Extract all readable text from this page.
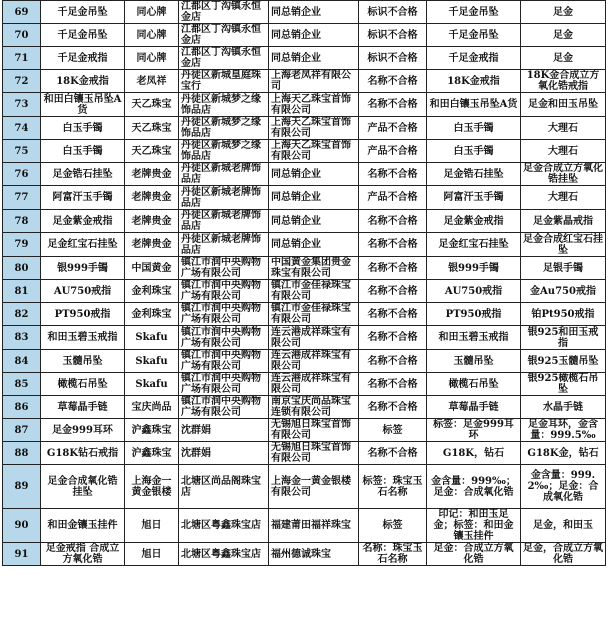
69	千足金吊坠	同心牌	江都区丁沟镇永恒金店	同总销企业	标识不合格	千足金吊坠	足金
70	千足金吊坠	同心牌	江都区丁沟镇永恒金店	同总销企业	标识不合格	千足金吊坠	足金
71	千足金戒指	同心牌	江都区丁沟镇永恒金店	同总销企业	标识不合格	千足金戒指	足金
72	18K金戒指	老凤祥	丹徒区新城皇庭珠宝行	上海老凤祥有限公司	名称不合格	18K金戒指	18K金合成立方氧化锆戒指
73	和田白镶玉吊坠A货	天乙珠宝	丹徒区新城梦之缘饰品店	上海天乙珠宝首饰有限公司	名称不合格	和田白镶玉吊坠A货	足金和田玉吊坠
74	白玉手镯	天乙珠宝	丹徒区新城梦之缘饰品店	上海天乙珠宝首饰有限公司	产品不合格	白玉手镯	大理石
75	白玉手镯	天乙珠宝	丹徒区新城梦之缘饰品店	上海天乙珠宝首饰有限公司	产品不合格	白玉手镯	大理石
76	足金锆石挂坠	老牌贵金	丹徒区新城老牌饰品店	同总销企业	名称不合格	足金锆石挂坠	足金合成立方氧化锆挂坠
77	阿富汗玉手镯	老牌贵金	丹徒区新城老牌饰品店	同总销企业	产品不合格	阿富汗玉手镯	大理石
78	足金紫金戒指	老牌贵金	丹徒区新城老牌饰品店	同总销企业	名称不合格	足金紫金戒指	足金紫晶戒指
79	足金红宝石挂坠	老牌贵金	丹徒区新城老牌饰品店	同总销企业	名称不合格	足金红宝石挂坠	足金合成红宝石挂坠
80	银999手镯	中国黄金	镇江市润中央购物广场有限公司	中国黄金集团贵金珠宝有限公司	名称不合格	银999手镯	足银手镯
81	AU750戒指	金利珠宝	镇江市润中央购物广场有限公司	镇江市金佳禄珠宝有限公司	名称不合格	AU750戒指	金Au750戒指
82	PT950戒指	金利珠宝	镇江市润中央购物广场有限公司	镇江市金佳禄珠宝有限公司	名称不合格	PT950戒指	铂Pt950戒指
83	和田玉碧玉戒指	Skafu	镇江市润中央购物广场有限公司	连云港成祥珠宝有限公司	名称不合格	和田玉碧玉戒指	银925和田玉戒指
84	玉髓吊坠	Skafu	镇江市润中央购物广场有限公司	连云港成祥珠宝有限公司	名称不合格	玉髓吊坠	银925玉髓吊坠
85	橄榄石吊坠	Skafu	镇江市润中央购物广场有限公司	连云港成祥珠宝有限公司	名称不合格	橄榄石吊坠	银925橄榄石吊坠
86	草莓晶手链	宝庆尚品	镇江市润中央购物广场有限公司	南京宝庆尚品珠宝连锁有限公司	名称不合格	草莓晶手链	水晶手链
87	足金999耳环	沪鑫珠宝	沈群娟	无锡旭日珠宝首饰有限公司	标签	标签：足金999耳环	足金耳环，金含量：999.5‰
88	G18K钻石戒指	沪鑫珠宝	沈群娟	无锡旭日珠宝首饰有限公司	名称不合格	G18K，钻石	G18K金，钻石
89	足金合成氧化锆挂坠	上海金一黄金银楼	北塘区尚品阁珠宝店	上海金一黄金银楼有限公司	标签：珠宝玉石名称	金含量：999‰；足金：合成氧化锆	金含量：999.2‰；足金：合成氧化锆
90	和田金镶玉挂件	旭日	北塘区粤鑫珠宝店	福建莆田福祥珠宝	标签	印记：和田玉足金；标签：和田金镶玉挂件	足金，和田玉
91	足金戒指 合成立方氧化锆	旭日	北塘区粤鑫珠宝店	福州德诚珠宝	名称：珠宝玉石名称	足金：合成立方氧化锆	足金，合成立方氧化锆
